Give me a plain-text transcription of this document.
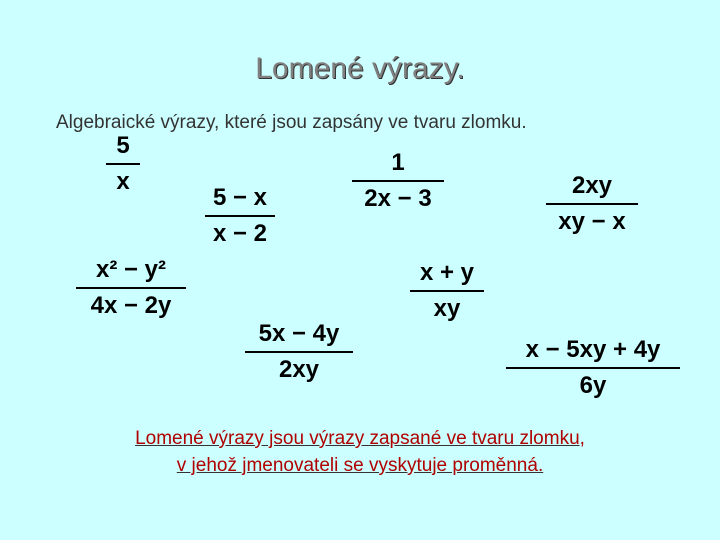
Lomené výrazy.
Algebraické výrazy, které jsou zapsány ve tvaru zlomku.
5
x
5 − x
x − 2
1
2x − 3	2xy
xy − x
x² − y²
4x − 2y
x + y
xy
5x − 4y
2xy
x − 5xy + 4y
6y
Lomené výrazy jsou výrazy zapsané ve tvaru zlomku,
v jehož jmenovateli se vyskytuje proměnná.
